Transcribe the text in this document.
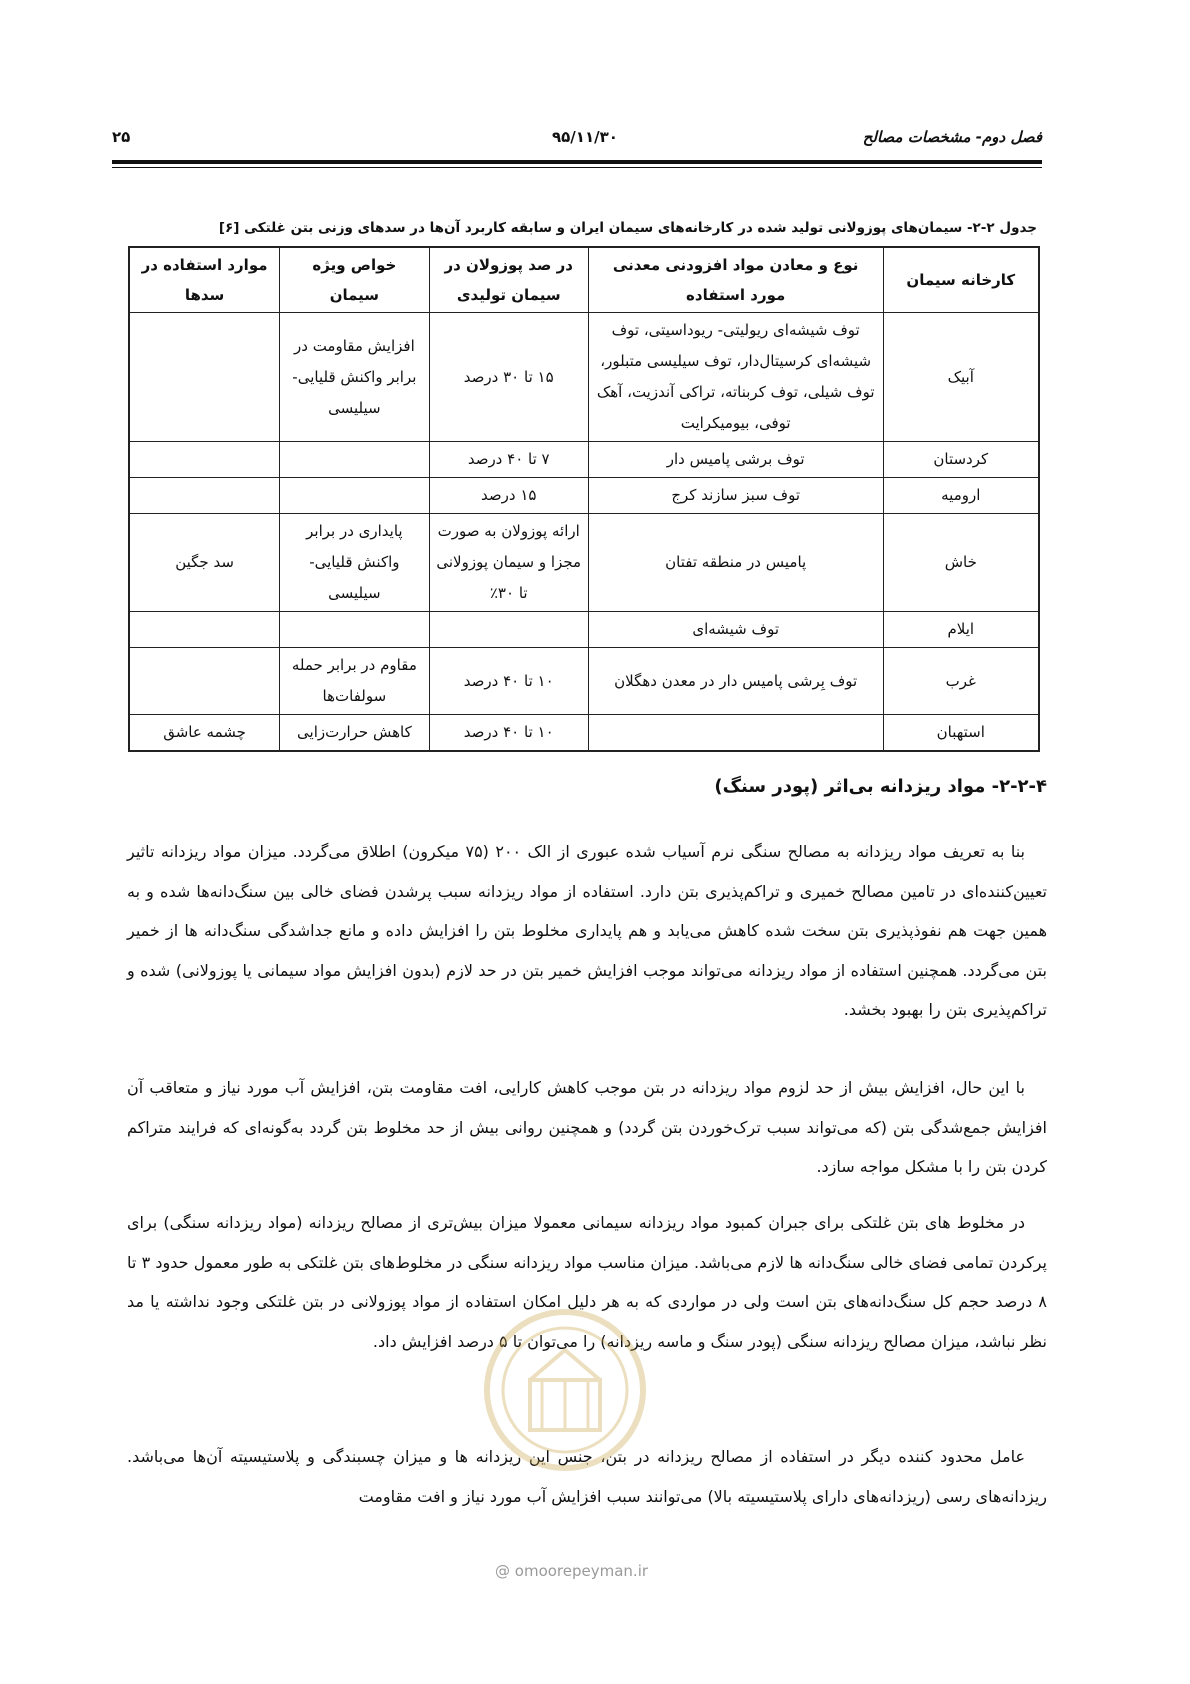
فصل دوم- مشخصات مصالح
۹۵/۱۱/۳۰
۲۵
جدول ۲-۲- سیمان‌های پوزولانی تولید شده در کارخانه‌های سیمان ایران و سابقه کاربرد آن‌ها در سدهای وزنی بتن غلتکی [۶]
کارخانه سیمان	نوع و معادن مواد افزودنی معدنی مورد استفاده	در صد پوزولان در سیمان تولیدی	خواص ویژه سیمان	موارد استفاده در سدها
آبیک	توف شیشه‌ای ریولیتی- ریوداسیتی، توف شیشه‌ای کرسیتال‌دار، توف سیلیسی متبلور، توف شیلی، توف کربناته، تراکی آندزیت، آهک توفی، بیومیکرایت	۱۵ تا ۳۰ درصد	افزایش مقاومت در برابر واکنش قلیایی- سیلیسی	
کردستان	توف برشی پامیس دار	۷ تا ۴۰ درصد		
ارومیه	توف سبز سازند کرج	۱۵ درصد		
خاش	پامیس در منطقه تفتان	ارائه پوزولان به صورت مجزا و سیمان پوزولانی تا ۳۰٪	پایداری در برابر واکنش قلیایی- سیلیسی	سد جگین
ایلام	توف شیشه‌ای			
غرب	توف بِرشی پامیس دار در معدن دهگلان	۱۰ تا ۴۰ درصد	مقاوم در برابر حمله سولفات‌ها	
استهبان		۱۰ تا ۴۰ درصد	کاهش حرارت‌زایی	چشمه عاشق
۲-۲-۴- مواد ریزدانه بی‌اثر (پودر سنگ)
بنا به تعریف مواد ریزدانه به مصالح سنگی نرم آسیاب شده عبوری از الک ۲۰۰ (۷۵ میکرون) اطلاق می‌گردد. میزان مواد ریزدانه تاثیر تعیین‌کننده‌ای در تامین مصالح خمیری و تراکم‌پذیری بتن دارد. استفاده از مواد ریزدانه سبب پرشدن فضای خالی بین سنگ‌دانه‌ها شده و به همین جهت هم نفوذپذیری بتن سخت شده کاهش می‌یابد و هم پایداری مخلوط بتن را افزایش داده و مانع جداشدگی سنگ‌دانه ها از خمیر بتن می‌گردد. همچنین استفاده از مواد ریزدانه می‌تواند موجب افزایش خمیر بتن در حد لازم (بدون افزایش مواد سیمانی یا پوزولانی) شده و تراکم‌پذیری بتن را بهبود بخشد.
با این حال، افزایش بیش از حد لزوم مواد ریزدانه در بتن موجب کاهش کارایی، افت مقاومت بتن، افزایش آب مورد نیاز و متعاقب آن افزایش جمع‌شدگی بتن (که می‌تواند سبب ترک‌خوردن بتن گردد) و همچنین روانی بیش از حد مخلوط بتن گردد به‌گونه‌ای که فرایند متراکم کردن بتن را با مشکل مواجه سازد.
در مخلوط های بتن غلتکی برای جبران کمبود مواد ریزدانه سیمانی معمولا میزان بیش‌تری از مصالح ریزدانه (مواد ریزدانه سنگی) برای پرکردن تمامی فضای خالی سنگ‌دانه ها لازم می‌باشد. میزان مناسب مواد ریزدانه سنگی در مخلوط‌های بتن غلتکی به طور معمول حدود ۳ تا ۸ درصد حجم کل سنگ‌دانه‌های بتن است ولی در مواردی که به هر دلیل امکان استفاده از مواد پوزولانی در بتن غلتکی وجود نداشته یا مد نظر نباشد، میزان مصالح ریزدانه سنگی (پودر سنگ و ماسه ریزدانه) را می‌توان تا ۵ درصد افزایش داد.
عامل محدود کننده دیگر در استفاده از مصالح ریزدانه در بتن، جنس این ریزدانه ها و میزان چسبندگی و پلاستیسیته آن‌ها می‌باشد. ریزدانه‌های رسی (ریزدانه‌های دارای پلاستیسیته بالا) می‌توانند سبب افزایش آب مورد نیاز و افت مقاومت
@ omoorepeyman.ir
